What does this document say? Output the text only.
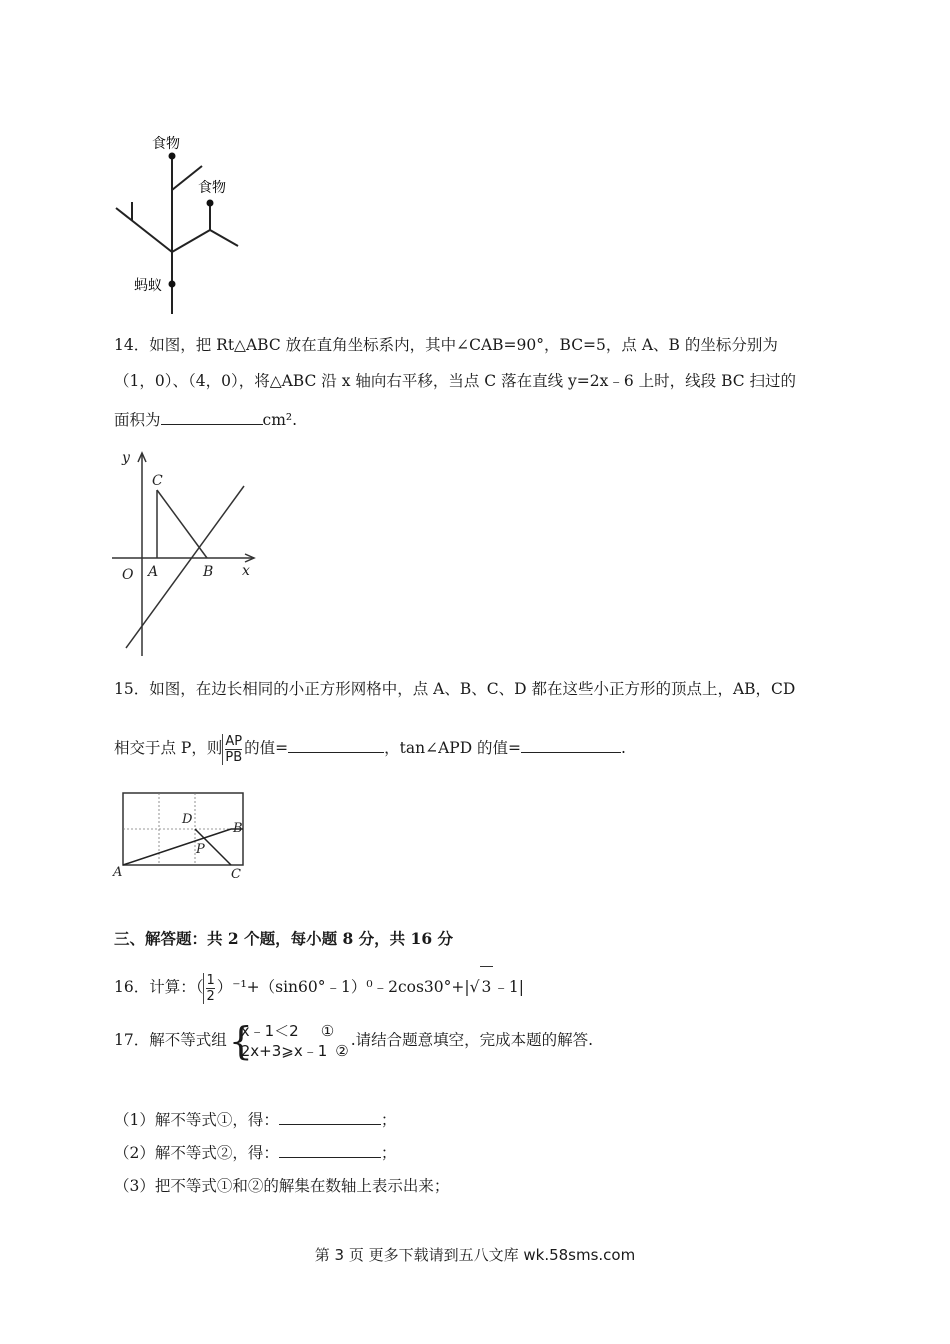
食物
食物
蚂蚁
14．如图，把 Rt△ABC 放在直角坐标系内，其中∠CAB=90°，BC=5，点 A、B 的坐标分别为
（1，0）、（4，0），将△ABC 沿 x 轴向右平移，当点 C 落在直线 y=2x﹣6 上时，线段 BC 扫过的
面积为	cm².
y
x
O A	B
C
15．如图，在边长相同的小正方形网格中，点 A、B、C、D 都在这些小正方形的顶点上，AB，CD
相交于点 P，则 $\frac{AP}{PB}$ 的值=	，tan∠APD 的值=	.
A
B
C
D
P
三、解答题：共 2 个题，每小题 8 分，共 16 分
16．计算：（ $\frac{1}{2}$ ）⁻¹+（sin60°﹣1）⁰﹣2cos30°+|√ 3 ﹣1|
17．解不等式组 {
x﹣1＜2 ①
2x+3⩾x﹣1 ②
.请结合题意填空，完成本题的解答.
（1）解不等式①，得：	；
（2）解不等式②，得：	；
（3）把不等式①和②的解集在数轴上表示出来；
第 3 页 更多下载请到五八文库 wk.58sms.com
